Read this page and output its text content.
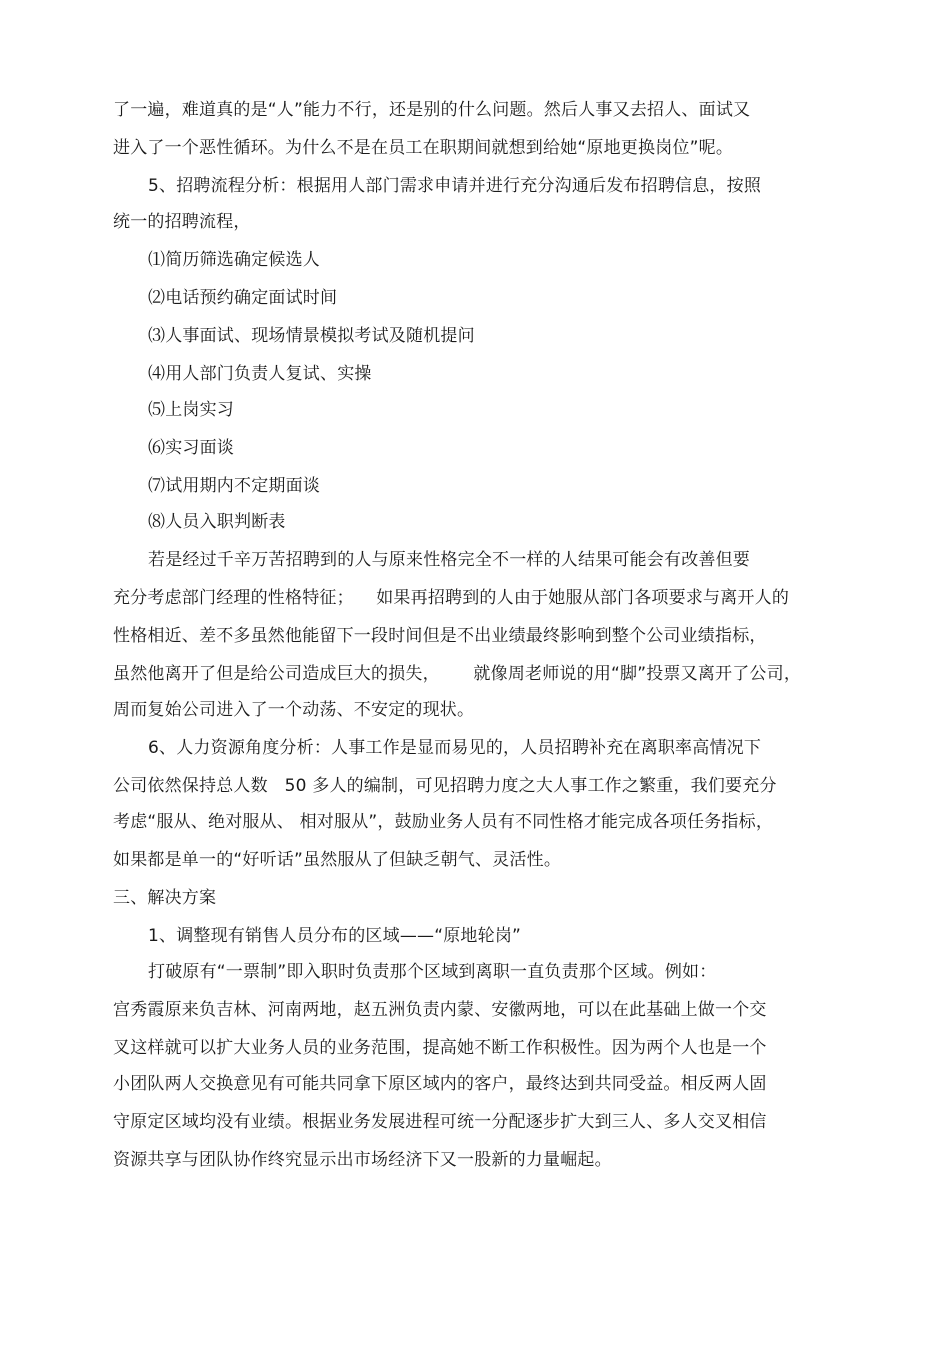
了一遍，难道真的是“人”能力不行，还是别的什么问题。然后人事又去招人、面试又
进入了一个恶性循环。为什么不是在员工在职期间就想到给她“原地更换岗位”呢。
5、招聘流程分析：根据用人部门需求申请并进行充分沟通后发布招聘信息，按照
统一的招聘流程，
⑴简历筛选确定候选人
⑵电话预约确定面试时间
⑶人事面试、现场情景模拟考试及随机提问
⑷用人部门负责人复试、实操
⑸上岗实习
⑹实习面谈
⑺试用期内不定期面谈
⑻人员入职判断表
若是经过千辛万苦招聘到的人与原来性格完全不一样的人结果可能会有改善但要
充分考虑部门经理的性格特征；    如果再招聘到的人由于她服从部门各项要求与离开人的
性格相近、差不多虽然他能留下一段时间但是不出业绩最终影响到整个公司业绩指标，
虽然他离开了但是给公司造成巨大的损失，      就像周老师说的用“脚”投票又离开了公司，
周而复始公司进入了一个动荡、不安定的现状。
6、人力资源角度分析：人事工作是显而易见的，人员招聘补充在离职率高情况下
公司依然保持总人数   50 多人的编制，可见招聘力度之大人事工作之繁重，我们要充分
考虑“服从、绝对服从、 相对服从”，鼓励业务人员有不同性格才能完成各项任务指标，
如果都是单一的“好听话”虽然服从了但缺乏朝气、灵活性。
三、解决方案
1、调整现有销售人员分布的区域——“原地轮岗”
打破原有“一票制”即入职时负责那个区域到离职一直负责那个区域。例如：
宫秀霞原来负吉林、河南两地，赵五洲负责内蒙、安徽两地，可以在此基础上做一个交
叉这样就可以扩大业务人员的业务范围，提高她不断工作积极性。因为两个人也是一个
小团队两人交换意见有可能共同拿下原区域内的客户，最终达到共同受益。相反两人固
守原定区域均没有业绩。根据业务发展进程可统一分配逐步扩大到三人、多人交叉相信
资源共享与团队协作终究显示出市场经济下又一股新的力量崛起。
